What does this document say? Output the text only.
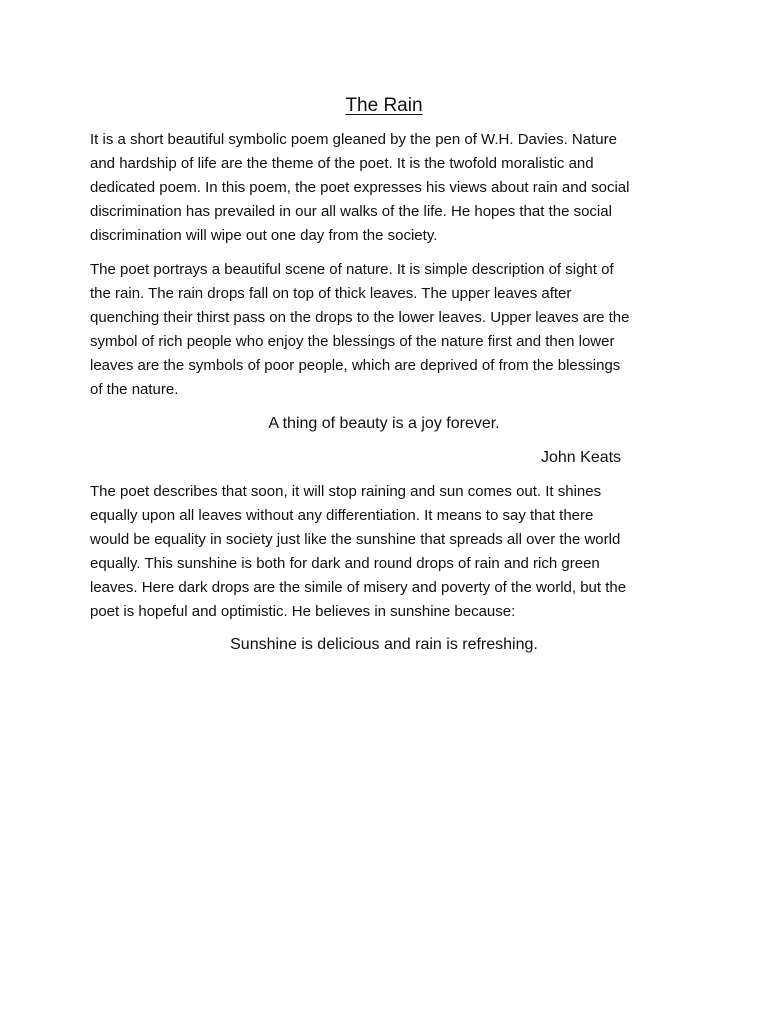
The Rain

It is a short beautiful symbolic poem gleaned by the pen of W.H. Davies. Nature
and hardship of life are the theme of the poet. It is the twofold moralistic and
dedicated poem. In this poem, the poet expresses his views about rain and social
discrimination has prevailed in our all walks of the life. He hopes that the social
discrimination will wipe out one day from the society.

The poet portrays a beautiful scene of nature. It is simple description of sight of
the rain. The rain drops fall on top of thick leaves. The upper leaves after
quenching their thirst pass on the drops to the lower leaves. Upper leaves are the
symbol of rich people who enjoy the blessings of the nature first and then lower
leaves are the symbols of poor people, which are deprived of from the blessings
of the nature.

A thing of beauty is a joy forever.

John Keats

The poet describes that soon, it will stop raining and sun comes out. It shines
equally upon all leaves without any differentiation. It means to say that there
would be equality in society just like the sunshine that spreads all over the world
equally. This sunshine is both for dark and round drops of rain and rich green
leaves. Here dark drops are the simile of misery and poverty of the world, but the
poet is hopeful and optimistic. He believes in sunshine because:

Sunshine is delicious and rain is refreshing.
